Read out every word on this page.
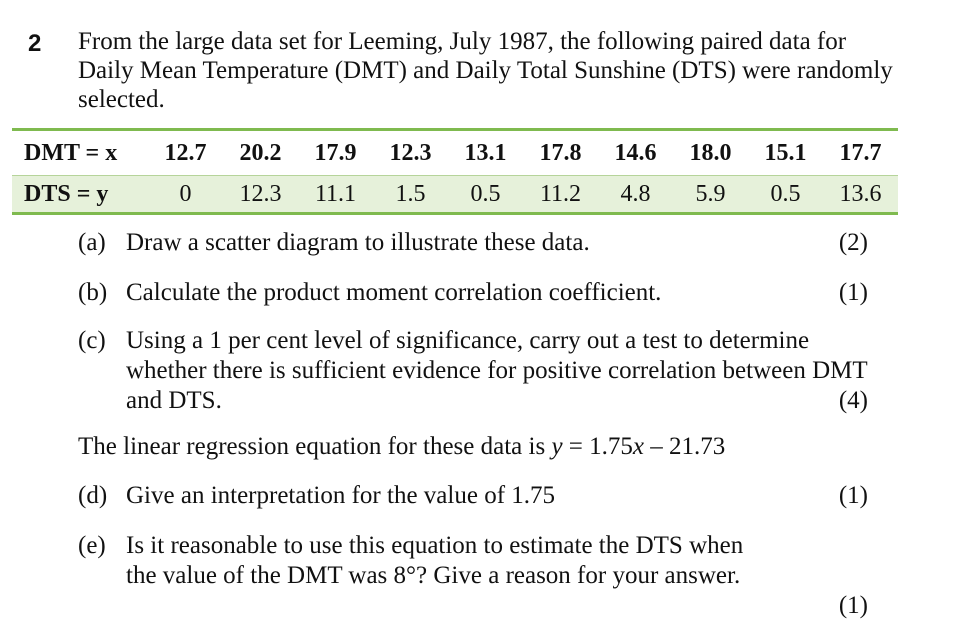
2 From the large data set for Leeming, July 1987, the following paired data for Daily Mean Temperature (DMT) and Daily Total Sunshine (DTS) were randomly selected.
DMT = x	12.7	20.2	17.9	12.3	13.1	17.8	14.6	18.0	15.1	17.7
DTS = y	0	12.3	11.1	1.5	0.5	11.2	4.8	5.9	0.5	13.6
(a) Draw a scatter diagram to illustrate these data.	(2)
(b) Calculate the product moment correlation coefficient.	(1)
(c) Using a 1 per cent level of significance, carry out a test to determine whether there is sufficient evidence for positive correlation between DMT and DTS.	(4)
The linear regression equation for these data is y = 1.75x – 21.73
(d) Give an interpretation for the value of 1.75	(1)
(e) Is it reasonable to use this equation to estimate the DTS when the value of the DMT was 8°? Give a reason for your answer.
(1)
